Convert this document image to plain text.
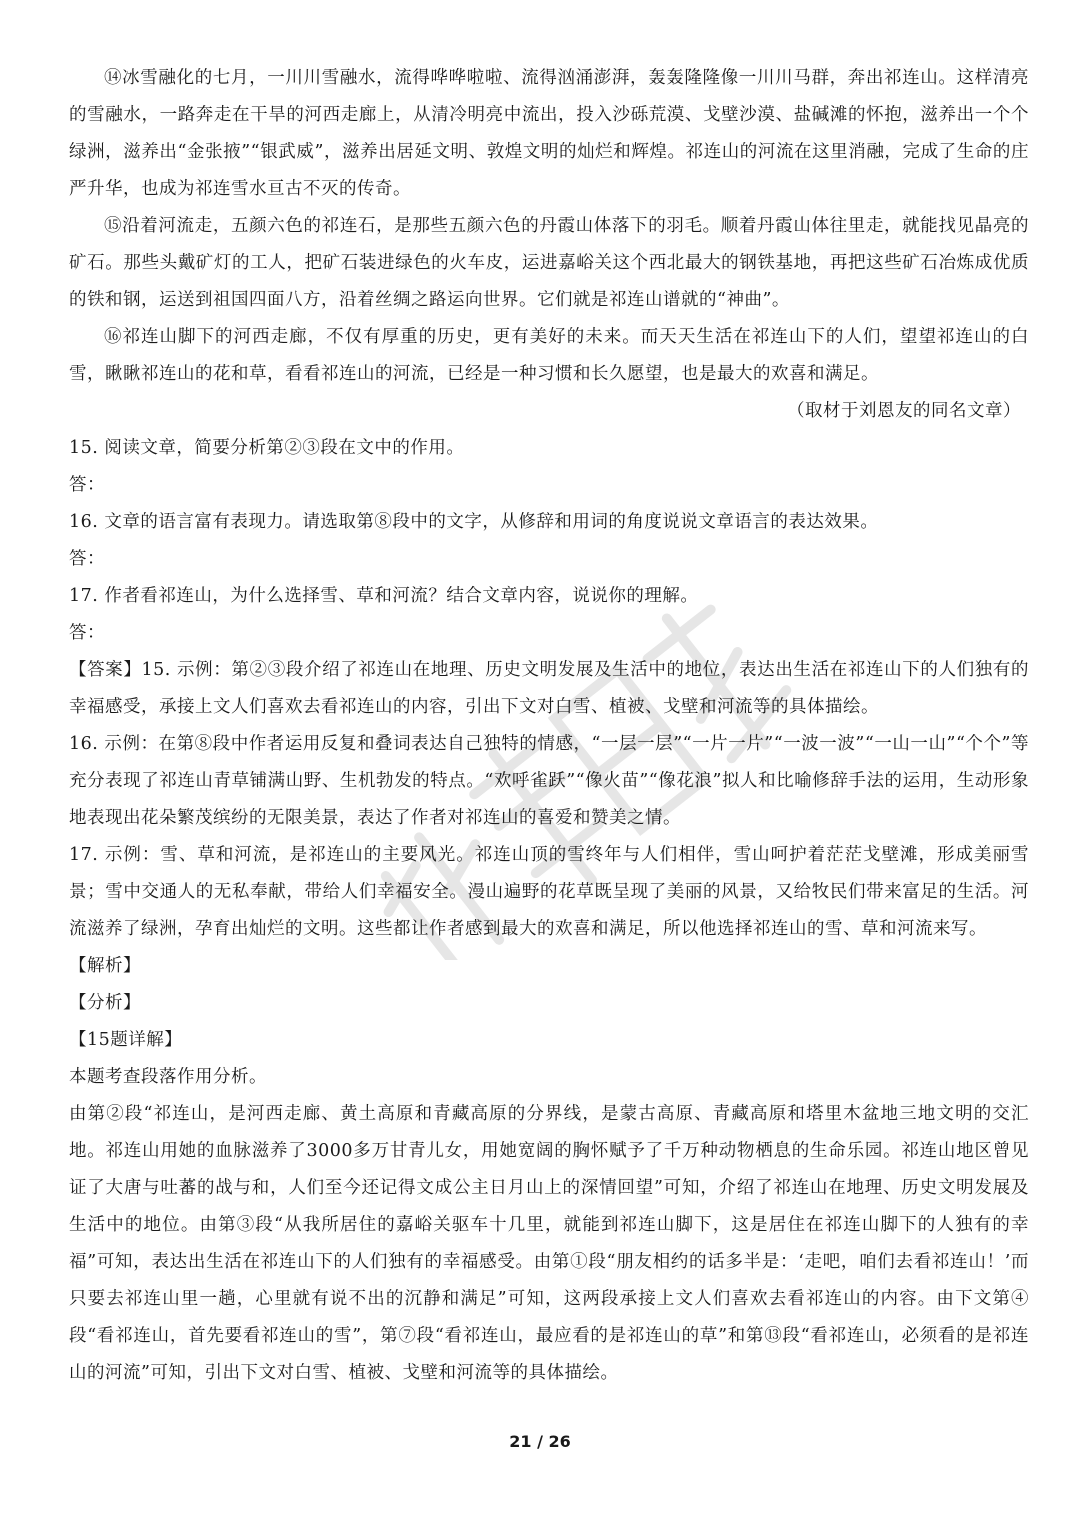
⑭冰雪融化的七月，一川川雪融水，流得哗哗啦啦、流得汹涌澎湃，轰轰隆隆像一川川马群，奔出祁连山。这样清亮的雪融水，一路奔走在干旱的河西走廊上，从清冷明亮中流出，投入沙砾荒漠、戈壁沙漠、盐碱滩的怀抱，滋养出一个个绿洲，滋养出“金张掖”“银武威”，滋养出居延文明、敦煌文明的灿烂和辉煌。祁连山的河流在这里消融，完成了生命的庄严升华，也成为祁连雪水亘古不灭的传奇。

⑮沿着河流走，五颜六色的祁连石，是那些五颜六色的丹霞山体落下的羽毛。顺着丹霞山体往里走，就能找见晶亮的矿石。那些头戴矿灯的工人，把矿石装进绿色的火车皮，运进嘉峪关这个西北最大的钢铁基地，再把这些矿石冶炼成优质的铁和钢，运送到祖国四面八方，沿着丝绸之路运向世界。它们就是祁连山谱就的“神曲”。

⑯祁连山脚下的河西走廊，不仅有厚重的历史，更有美好的未来。而天天生活在祁连山下的人们，望望祁连山的白雪，瞅瞅祁连山的花和草，看看祁连山的河流，已经是一种习惯和长久愿望，也是最大的欢喜和满足。

（取材于刘恩友的同名文章）

15. 阅读文章，简要分析第②③段在文中的作用。

答：

16. 文章的语言富有表现力。请选取第⑧段中的文字，从修辞和用词的角度说说文章语言的表达效果。

答：

17. 作者看祁连山，为什么选择雪、草和河流？结合文章内容，说说你的理解。

答：

【答案】15. 示例：第②③段介绍了祁连山在地理、历史文明发展及生活中的地位，表达出生活在祁连山下的人们独有的幸福感受，承接上文人们喜欢去看祁连山的内容，引出下文对白雪、植被、戈壁和河流等的具体描绘。

16. 示例：在第⑧段中作者运用反复和叠词表达自己独特的情感，“一层一层”“一片一片”“一波一波”“一山一山”“个个”等充分表现了祁连山青草铺满山野、生机勃发的特点。“欢呼雀跃”“像火苗”“像花浪”拟人和比喻修辞手法的运用，生动形象地表现出花朵繁茂缤纷的无限美景，表达了作者对祁连山的喜爱和赞美之情。

17. 示例：雪、草和河流，是祁连山的主要风光。祁连山顶的雪终年与人们相伴，雪山呵护着茫茫戈壁滩，形成美丽雪景；雪中交通人的无私奉献，带给人们幸福安全。漫山遍野的花草既呈现了美丽的风景，又给牧民们带来富足的生活。河流滋养了绿洲，孕育出灿烂的文明。这些都让作者感到最大的欢喜和满足，所以他选择祁连山的雪、草和河流来写。

【解析】

【分析】

【15题详解】

本题考查段落作用分析。

由第②段“祁连山，是河西走廊、黄土高原和青藏高原的分界线，是蒙古高原、青藏高原和塔里木盆地三地文明的交汇地。祁连山用她的血脉滋养了3000多万甘青儿女，用她宽阔的胸怀赋予了千万种动物栖息的生命乐园。祁连山地区曾见证了大唐与吐蕃的战与和，人们至今还记得文成公主日月山上的深情回望”可知，介绍了祁连山在地理、历史文明发展及生活中的地位。由第③段“从我所居住的嘉峪关驱车十几里，就能到祁连山脚下，这是居住在祁连山脚下的人独有的幸福”可知，表达出生活在祁连山下的人们独有的幸福感受。由第①段“朋友相约的话多半是：‘走吧，咱们去看祁连山！’而只要去祁连山里一趟，心里就有说不出的沉静和满足”可知，这两段承接上文人们喜欢去看祁连山的内容。由下文第④段“看祁连山，首先要看祁连山的雪”，第⑦段“看祁连山，最应看的是祁连山的草”和第⑬段“看祁连山，必须看的是祁连山的河流”可知，引出下文对白雪、植被、戈壁和河流等的具体描绘。

21 / 26
